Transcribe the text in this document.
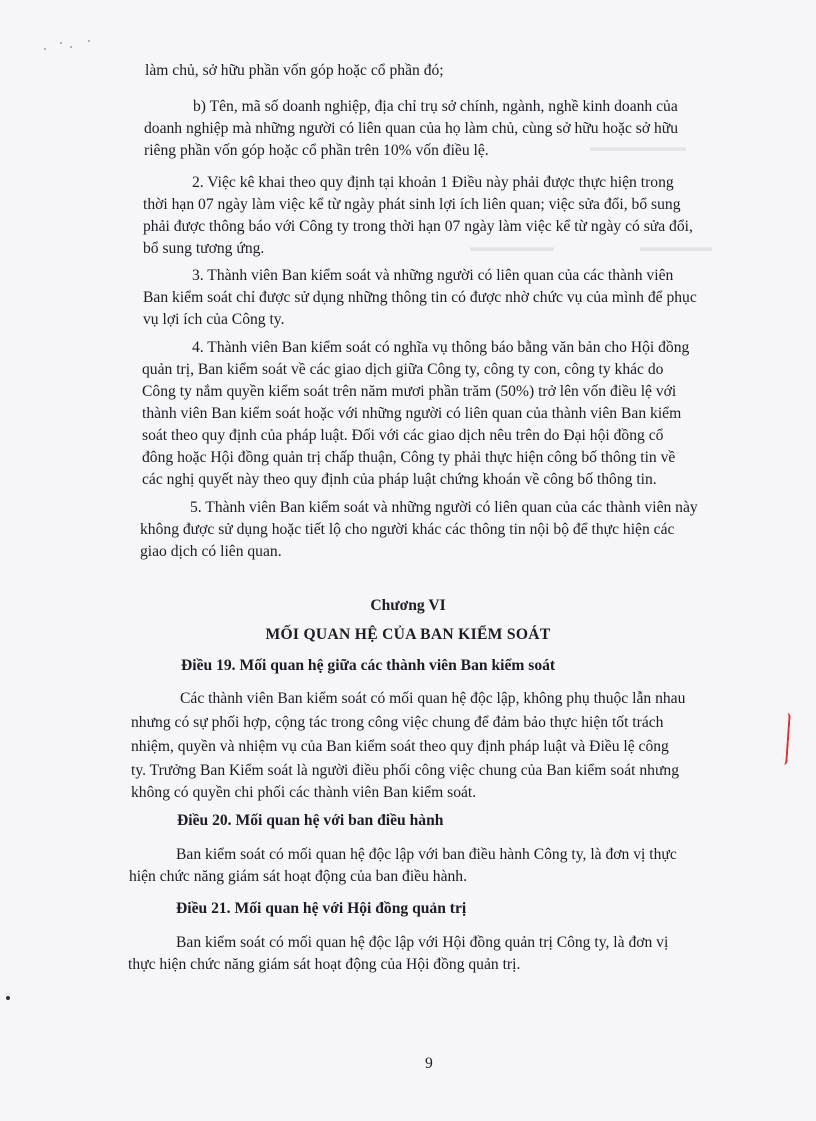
▬▬▬▬▬▬▬▬
▬▬▬▬▬▬▬	▬▬▬▬▬▬
làm chủ, sở hữu phần vốn góp hoặc cổ phần đó;
b) Tên, mã số doanh nghiệp, địa chỉ trụ sở chính, ngành, nghề kinh doanh của
doanh nghiệp mà những người có liên quan của họ làm chủ, cùng sở hữu hoặc sở hữu
riêng phần vốn góp hoặc cổ phần trên 10% vốn điều lệ.
2. Việc kê khai theo quy định tại khoản 1 Điều này phải được thực hiện trong
thời hạn 07 ngày làm việc kể từ ngày phát sinh lợi ích liên quan; việc sửa đổi, bổ sung
phải được thông báo với Công ty trong thời hạn 07 ngày làm việc kể từ ngày có sửa đổi,
bổ sung tương ứng.
3. Thành viên Ban kiểm soát và những người có liên quan của các thành viên
Ban kiểm soát chỉ được sử dụng những thông tin có được nhờ chức vụ của mình để phục
vụ lợi ích của Công ty.
4. Thành viên Ban kiểm soát có nghĩa vụ thông báo bằng văn bản cho Hội đồng
quản trị, Ban kiểm soát về các giao dịch giữa Công ty, công ty con, công ty khác do
Công ty nắm quyền kiểm soát trên năm mươi phần trăm (50%) trở lên vốn điều lệ với
thành viên Ban kiểm soát hoặc với những người có liên quan của thành viên Ban kiểm
soát theo quy định của pháp luật. Đối với các giao dịch nêu trên do Đại hội đồng cổ
đông hoặc Hội đồng quản trị chấp thuận, Công ty phải thực hiện công bố thông tin về
các nghị quyết này theo quy định của pháp luật chứng khoán về công bố thông tin.
5. Thành viên Ban kiểm soát và những người có liên quan của các thành viên này
không được sử dụng hoặc tiết lộ cho người khác các thông tin nội bộ để thực hiện các
giao dịch có liên quan.
Chương VI
MỐI QUAN HỆ CỦA BAN KIỂM SOÁT
Điều 19. Mối quan hệ giữa các thành viên Ban kiểm soát
Các thành viên Ban kiểm soát có mối quan hệ độc lập, không phụ thuộc lẫn nhau
nhưng có sự phối hợp, cộng tác trong công việc chung để đảm bảo thực hiện tốt trách
nhiệm, quyền và nhiệm vụ của Ban kiểm soát theo quy định pháp luật và Điều lệ công
ty. Trưởng Ban Kiểm soát là người điều phối công việc chung của Ban kiểm soát nhưng
không có quyền chi phối các thành viên Ban kiểm soát.
Điều 20. Mối quan hệ với ban điều hành
Ban kiểm soát có mối quan hệ độc lập với ban điều hành Công ty, là đơn vị thực
hiện chức năng giám sát hoạt động của ban điều hành.
Điều 21. Mối quan hệ với Hội đồng quản trị
Ban kiểm soát có mối quan hệ độc lập với Hội đồng quản trị Công ty, là đơn vị
thực hiện chức năng giám sát hoạt động của Hội đồng quản trị.
9
